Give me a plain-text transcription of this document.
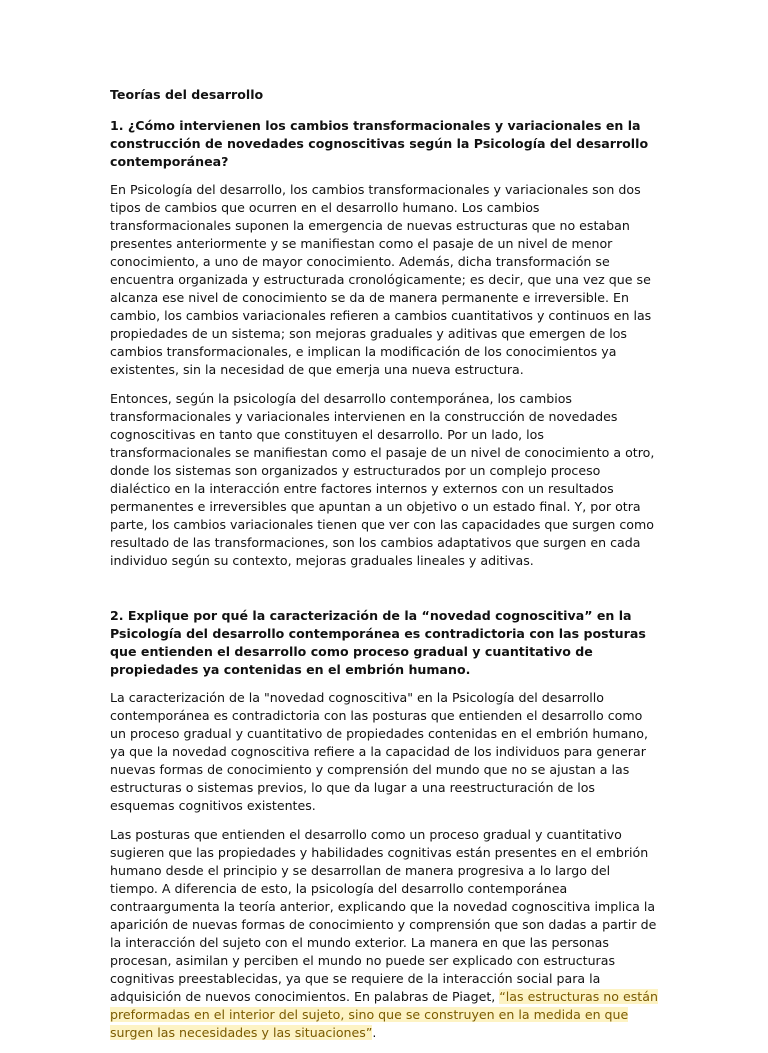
Teorías del desarrollo

1. ¿Cómo intervienen los cambios transformacionales y variacionales en la construcción de novedades cognoscitivas según la Psicología del desarrollo contemporánea?

En Psicología del desarrollo, los cambios transformacionales y variacionales son dos tipos de cambios que ocurren en el desarrollo humano. Los cambios transformacionales suponen la emergencia de nuevas estructuras que no estaban presentes anteriormente y se manifiestan como el pasaje de un nivel de menor conocimiento, a uno de mayor conocimiento. Además, dicha transformación se encuentra organizada y estructurada cronológicamente; es decir, que una vez que se alcanza ese nivel de conocimiento se da de manera permanente e irreversible. En cambio, los cambios variacionales refieren a cambios cuantitativos y continuos en las propiedades de un sistema; son mejoras graduales y aditivas que emergen de los cambios transformacionales, e implican la modificación de los conocimientos ya existentes, sin la necesidad de que emerja una nueva estructura.

Entonces, según la psicología del desarrollo contemporánea, los cambios transformacionales y variacionales intervienen en la construcción de novedades cognoscitivas en tanto que constituyen el desarrollo. Por un lado, los transformacionales se manifiestan como el pasaje de un nivel de conocimiento a otro, donde los sistemas son organizados y estructurados por un complejo proceso dialéctico en la interacción entre factores internos y externos con un resultados permanentes e irreversibles que apuntan a un objetivo o un estado final. Y, por otra parte, los cambios variacionales tienen que ver con las capacidades que surgen como resultado de las transformaciones, son los cambios adaptativos que surgen en cada individuo según su contexto, mejoras graduales lineales y aditivas.

2. Explique por qué la caracterización de la “novedad cognoscitiva” en la Psicología del desarrollo contemporánea es contradictoria con las posturas que entienden el desarrollo como proceso gradual y cuantitativo de propiedades ya contenidas en el embrión humano.

La caracterización de la "novedad cognoscitiva" en la Psicología del desarrollo contemporánea es contradictoria con las posturas que entienden el desarrollo como un proceso gradual y cuantitativo de propiedades contenidas en el embrión humano, ya que la novedad cognoscitiva refiere a la capacidad de los individuos para generar nuevas formas de conocimiento y comprensión del mundo que no se ajustan a las estructuras o sistemas previos, lo que da lugar a una reestructuración de los esquemas cognitivos existentes.

Las posturas que entienden el desarrollo como un proceso gradual y cuantitativo sugieren que las propiedades y habilidades cognitivas están presentes en el embrión humano desde el principio y se desarrollan de manera progresiva a lo largo del tiempo. A diferencia de esto, la psicología del desarrollo contemporánea contraargumenta la teoría anterior, explicando que la novedad cognoscitiva implica la aparición de nuevas formas de conocimiento y comprensión que son dadas a partir de la interacción del sujeto con el mundo exterior. La manera en que las personas procesan, asimilan y perciben el mundo no puede ser explicado con estructuras cognitivas preestablecidas, ya que se requiere de la interacción social para la adquisición de nuevos conocimientos. En palabras de Piaget, “las estructuras no están preformadas en el interior del sujeto, sino que se construyen en la medida en que surgen las necesidades y las situaciones”.
